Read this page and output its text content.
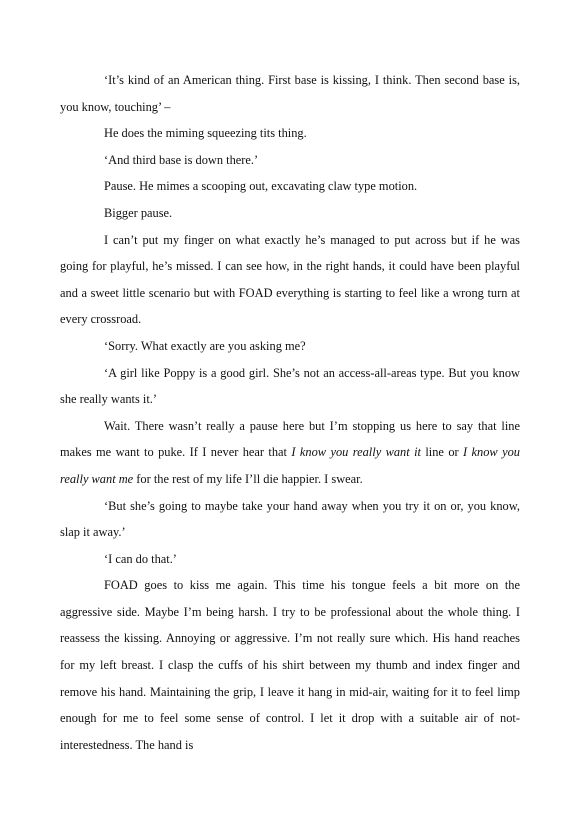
‘It’s kind of an American thing. First base is kissing, I think. Then second base is, you know, touching’ –

He does the miming squeezing tits thing.

‘And third base is down there.’

Pause. He mimes a scooping out, excavating claw type motion.

Bigger pause.

I can’t put my finger on what exactly he’s managed to put across but if he was going for playful, he’s missed. I can see how, in the right hands, it could have been playful and a sweet little scenario but with FOAD everything is starting to feel like a wrong turn at every crossroad.

‘Sorry. What exactly are you asking me?

‘A girl like Poppy is a good girl. She’s not an access-all-areas type. But you know she really wants it.’

Wait. There wasn’t really a pause here but I’m stopping us here to say that line makes me want to puke. If I never hear that I know you really want it line or I know you really want me for the rest of my life I’ll die happier. I swear.

‘But she’s going to maybe take your hand away when you try it on or, you know, slap it away.’

‘I can do that.’

FOAD goes to kiss me again. This time his tongue feels a bit more on the aggressive side. Maybe I’m being harsh. I try to be professional about the whole thing. I reassess the kissing. Annoying or aggressive. I’m not really sure which. His hand reaches for my left breast. I clasp the cuffs of his shirt between my thumb and index finger and remove his hand. Maintaining the grip, I leave it hang in mid-air, waiting for it to feel limp enough for me to feel some sense of control. I let it drop with a suitable air of not-interestedness. The hand is
